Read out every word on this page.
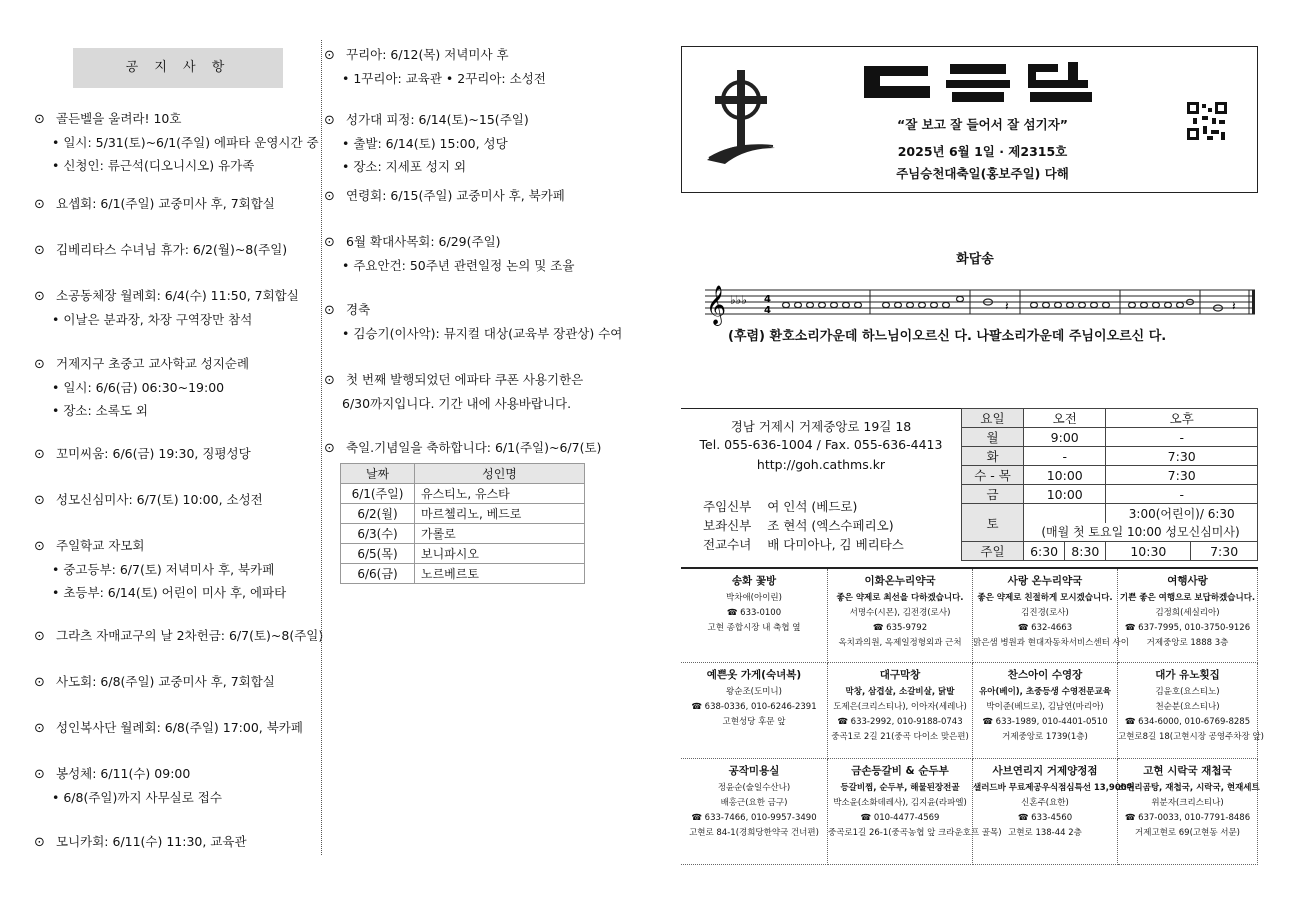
공 지 사 항
⊙ 골든벨을 울려라! 10호
• 일시: 5/31(토)~6/1(주일) 에파타 운영시간 중
• 신청인: 류근석(디오니시오) 유가족
⊙ 요셉회: 6/1(주일) 교중미사 후, 7회합실
⊙ 김베리타스 수녀님 휴가: 6/2(월)~8(주일)
⊙ 소공동체장 월례회: 6/4(수) 11:50, 7회합실
• 이날은 분과장, 차장 구역장만 참석
⊙ 거제지구 초중고 교사학교 성지순례
• 일시: 6/6(금) 06:30~19:00
• 장소: 소록도 외
⊙ 꼬미씨움: 6/6(금) 19:30, 징평성당
⊙ 성모신심미사: 6/7(토) 10:00, 소성전
⊙ 주일학교 자모회
• 중고등부: 6/7(토) 저녁미사 후, 북카페
• 초등부: 6/14(토) 어린이 미사 후, 에파타
⊙ 그라츠 자매교구의 날 2차헌금: 6/7(토)~8(주일)
⊙ 사도회: 6/8(주일) 교중미사 후, 7회합실
⊙ 성인복사단 월례회: 6/8(주일) 17:00, 북카페
⊙ 봉성체: 6/11(수) 09:00
• 6/8(주일)까지 사무실로 접수
⊙ 모니카회: 6/11(수) 11:30, 교육관
⊙ 꾸리아: 6/12(목) 저녁미사 후
• 1꾸리아: 교육관 • 2꾸리아: 소성전
⊙ 성가대 피정: 6/14(토)~15(주일)
• 출발: 6/14(토) 15:00, 성당
• 장소: 지세포 성지 외
⊙ 연령회: 6/15(주일) 교중미사 후, 북카페
⊙ 6월 확대사목회: 6/29(주일)
• 주요안건: 50주년 관련일정 논의 및 조율
⊙ 경축
• 김승기(이사악): 뮤지컬 대상(교육부 장관상) 수여
⊙ 첫 번째 발행되었던 에파타 쿠폰 사용기한은
6/30까지입니다. 기간 내에 사용바랍니다.
⊙ 축일.기념일을 축하합니다: 6/1(주일)~6/7(토)
날짜	성인명
6/1(주일)	유스티노, 유스타
6/2(월)	마르첼리노, 베드로
6/3(수)	가롤로
6/5(목)	보니파시오
6/6(금)	노르베르토
“잘 보고 잘 들어서 잘 섬기자”
2025년 6월 1일 · 제2315호
주님승천대축일(홍보주일) 다해
화답송
𝄞 ♭♭♭ 4
4	𝄽	𝄽
(후렴) 환호소리가운데 하느님이오르신 다. 나팔소리가운데 주님이오르신 다.
경남 거제시 거제중앙로 19길 18
Tel. 055-636-1004 / Fax. 055-636-4413
http://goh.cathms.kr
주임신부 여 인석 (베드로)
보좌신부 조 현석 (엑스수페리오)
전교수녀 배 다미아나, 김 베리타스
요일	오전		오후	
월	9:00		-	
화	-		7:30	
수 - 목	10:00		7:30	
금	10:00		-	
토			3:00(어린이)/ 6:30	
	(매월 첫 토요일 10:00 성모신심미사)			
주일	6:30	8:30	10:30	7:30
송화 꽃방
박차애(아이린)
☎ 633-0100
고현 종합시장 내 축협 옆
이화온누리약국
좋은 약제로 최선을 다하겠습니다.
서명수(시몬), 김전경(로사)
☎ 635-9792
옥치과의원, 옥제일정형외과 근처
사랑 온누리약국
좋은 약제로 친절하게 모시겠습니다.
김진경(로사)
☎ 632-4663
맑은샘 병원과 현대자동차서비스센터 사이
여행사랑
기쁜 좋은 여행으로 보답하겠습니다.
김정희(세실리아)
☎ 637-7995, 010-3750-9126
거제중앙로 1888 3층
예쁜옷 가게(숙녀복)
왕순조(도미니)
☎ 638-0336, 010-6246-2391
고현성당 후문 앞
대구막창
막창, 삼겹살, 소갈비살, 닭발
도제은(크리스티나), 이아자(세레나)
☎ 633-2992, 010-9188-0743
중곡1로 2길 21(중곡 다이소 맞은편)
찬스아이 수영장
유아(베이), 초중등생 수영전문교육
박이준(베드로), 김남연(마리아)
☎ 633-1989, 010-4401-0510
거제중앙로 1739(1층)
대가 유노횟집
김윤호(요스티노)
천순분(요스티나)
☎ 634-6000, 010-6769-8285
고현로8길 18(고현시장 공영주차장 앞)
공작미용실
정윤순(술일수산나)
배홍근(요한 금구)
☎ 633-7466, 010-9957-3490
고현로 84-1(경희당한약국 건너편)
금손등갈비 & 순두부
등갈비찜, 순두부, 해물된장전골
박소윤(소화데레사), 김지윤(라파엘)
☎ 010-4477-4569
중곡로1길 26-1(중곡농협 앞 크라운호프 골목)
사브연리지 거제양정점
샐러드바 무료제공우식점심특선 13,900원
신혼주(요한)
☎ 633-4560
고현로 138-44 2층
고현 시락국 재첩국
소머리곰탕, 재첩국, 시락국, 현재세트
위분자(크리스티나)
☎ 637-0033, 010-7791-8486
거제고현로 69(고현동 서문)
